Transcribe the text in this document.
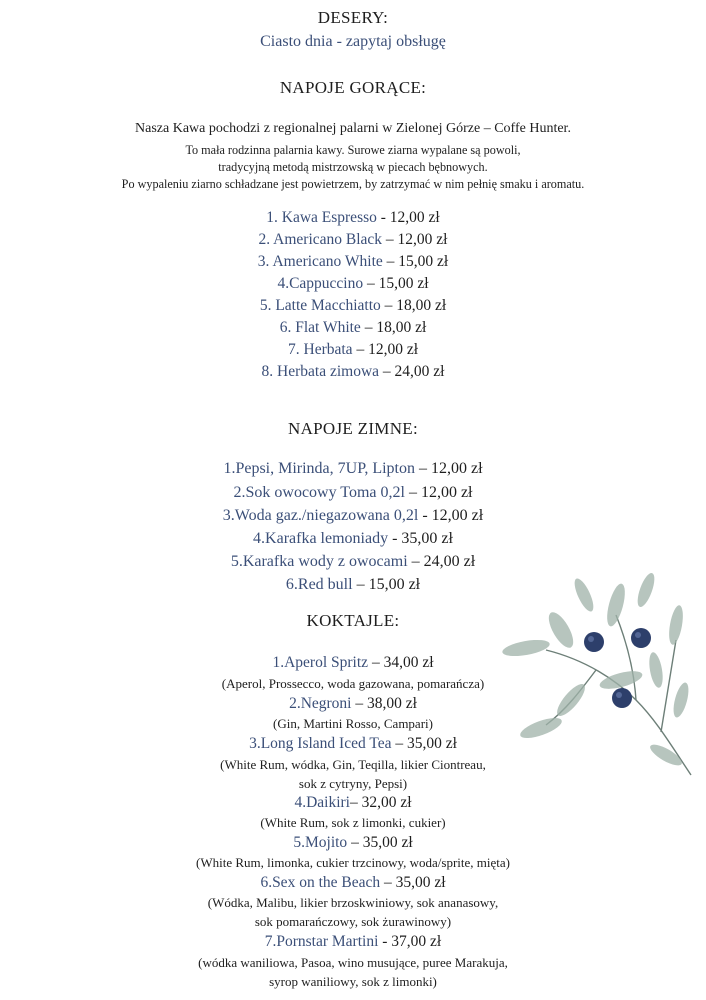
DESERY:
Ciasto dnia - zapytaj obsługę
NAPOJE GORĄCE:
Nasza Kawa pochodzi z regionalnej palarni w Zielonej Górze – Coffe Hunter.
To mała rodzinna palarnia kawy. Surowe ziarna wypalane są powoli,
tradycyjną metodą mistrzowską w piecach bębnowych.
Po wypaleniu ziarno schładzane jest powietrzem, by zatrzymać w nim pełnię smaku i aromatu.
1. Kawa Espresso - 12,00 zł
2. Americano Black – 12,00 zł
3. Americano White – 15,00 zł
4.Cappuccino – 15,00 zł
5. Latte Macchiatto – 18,00 zł
6. Flat White – 18,00 zł
7. Herbata – 12,00 zł
8. Herbata zimowa – 24,00 zł
NAPOJE ZIMNE:
1.Pepsi, Mirinda, 7UP, Lipton – 12,00 zł
2.Sok owocowy Toma 0,2l – 12,00 zł
3.Woda gaz./niegazowana 0,2l - 12,00 zł
4.Karafka lemoniady - 35,00 zł
5.Karafka wody z owocami – 24,00 zł
6.Red bull – 15,00 zł
KOKTAJLE:
1.Aperol Spritz – 34,00 zł
(Aperol, Prossecco, woda gazowana, pomarańcza)
2.Negroni – 38,00 zł
(Gin, Martini Rosso, Campari)
3.Long Island Iced Tea – 35,00 zł
(White Rum, wódka, Gin, Teqilla, likier Ciontreau,
sok z cytryny, Pepsi)
4.Daikiri– 32,00 zł
(White Rum, sok z limonki, cukier)
5.Mojito – 35,00 zł
(White Rum, limonka, cukier trzcinowy, woda/sprite, mięta)
6.Sex on the Beach – 35,00 zł
(Wódka, Malibu, likier brzoskwiniowy, sok ananasowy,
sok pomarańczowy, sok żurawinowy)
7.Pornstar Martini - 37,00 zł
(wódka waniliowa, Pasoa, wino musujące, puree Marakuja,
syrop waniliowy, sok z limonki)
